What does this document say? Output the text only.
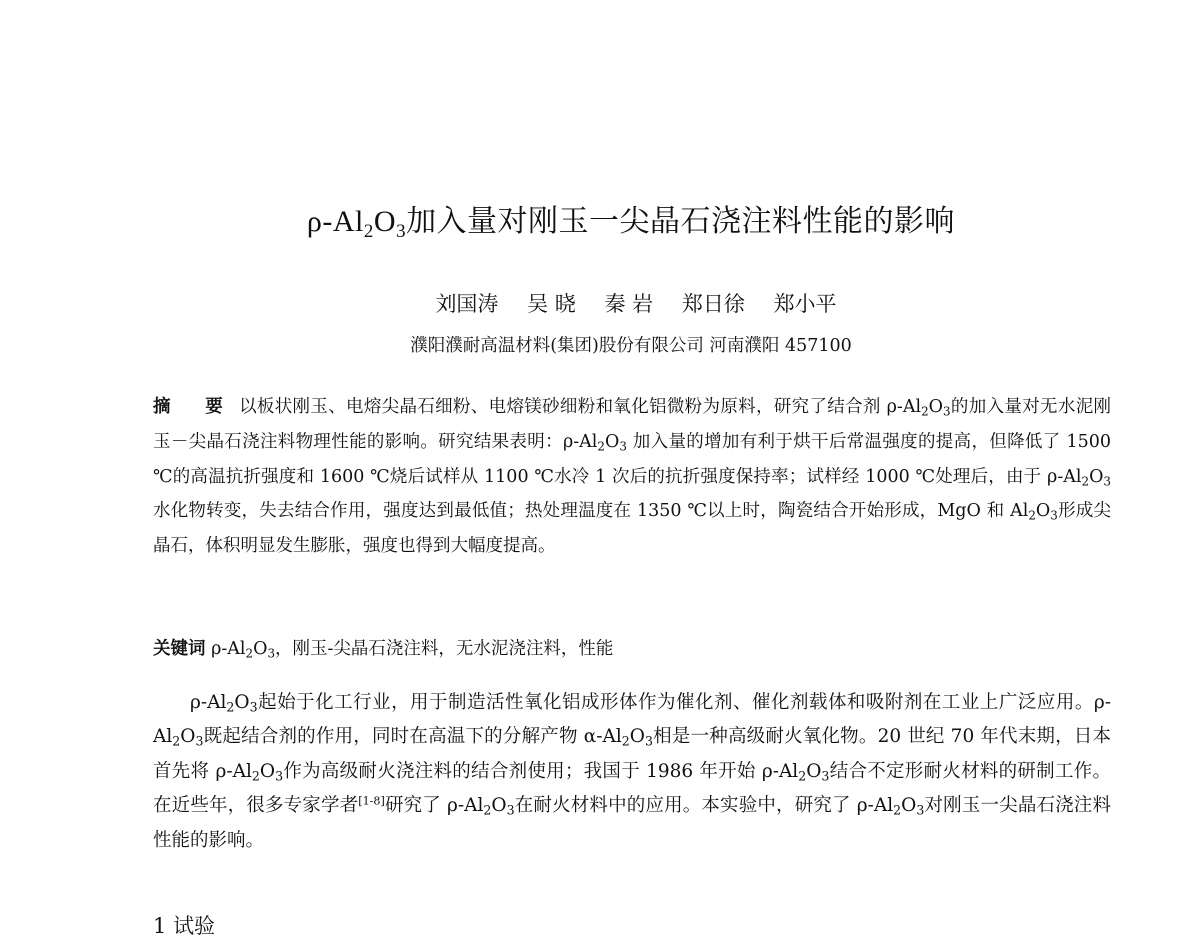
$\rho-Al_2O_3$加入量对刚玉一尖晶石浇注料性能的影响
刘国涛 吴 晓 秦 岩 郑日徐 郑小平
濮阳濮耐高温材料(集团)股份有限公司 河南濮阳 457100
摘 要 以板状刚玉、电熔尖晶石细粉、电熔镁砂细粉和氧化铝微粉为原料，研究了结合剂 $\rho-Al_2O_3$的加入量对无水泥刚玉－尖晶石浇注料物理性能的影响。研究结果表明：$\rho-Al_2O_3$ 加入量的增加有利于烘干后常温强度的提高，但降低了 1500 ℃的高温抗折强度和 1600 ℃烧后试样从 1100 ℃水冷 1 次后的抗折强度保持率；试样经 1000 ℃处理后，由于 $\rho-Al_2O_3$水化物转变，失去结合作用，强度达到最低值；热处理温度在 1350 ℃以上时，陶瓷结合开始形成，MgO 和 $Al_2O_3$形成尖晶石，体积明显发生膨胀，强度也得到大幅度提高。
关键词 $\rho-Al_2O_3$，刚玉-尖晶石浇注料，无水泥浇注料，性能
$\rho-Al_2O_3$起始于化工行业，用于制造活性氧化铝成形体作为催化剂、催化剂载体和吸附剂在工业上广泛应用。$\rho-Al_2O_3$既起结合剂的作用，同时在高温下的分解产物 $\alpha-Al_2O_3$相是一种高级耐火氧化物。20 世纪 70 年代末期，日本首先将 $\rho-Al_2O_3$作为高级耐火浇注料的结合剂使用；我国于 1986 年开始 $\rho-Al_2O_3$结合不定形耐火材料的研制工作。在近些年，很多专家学者[1-8]研究了 $\rho-Al_2O_3$在耐火材料中的应用。本实验中，研究了 $\rho-Al_2O_3$对刚玉一尖晶石浇注料性能的影响。
1 试验
